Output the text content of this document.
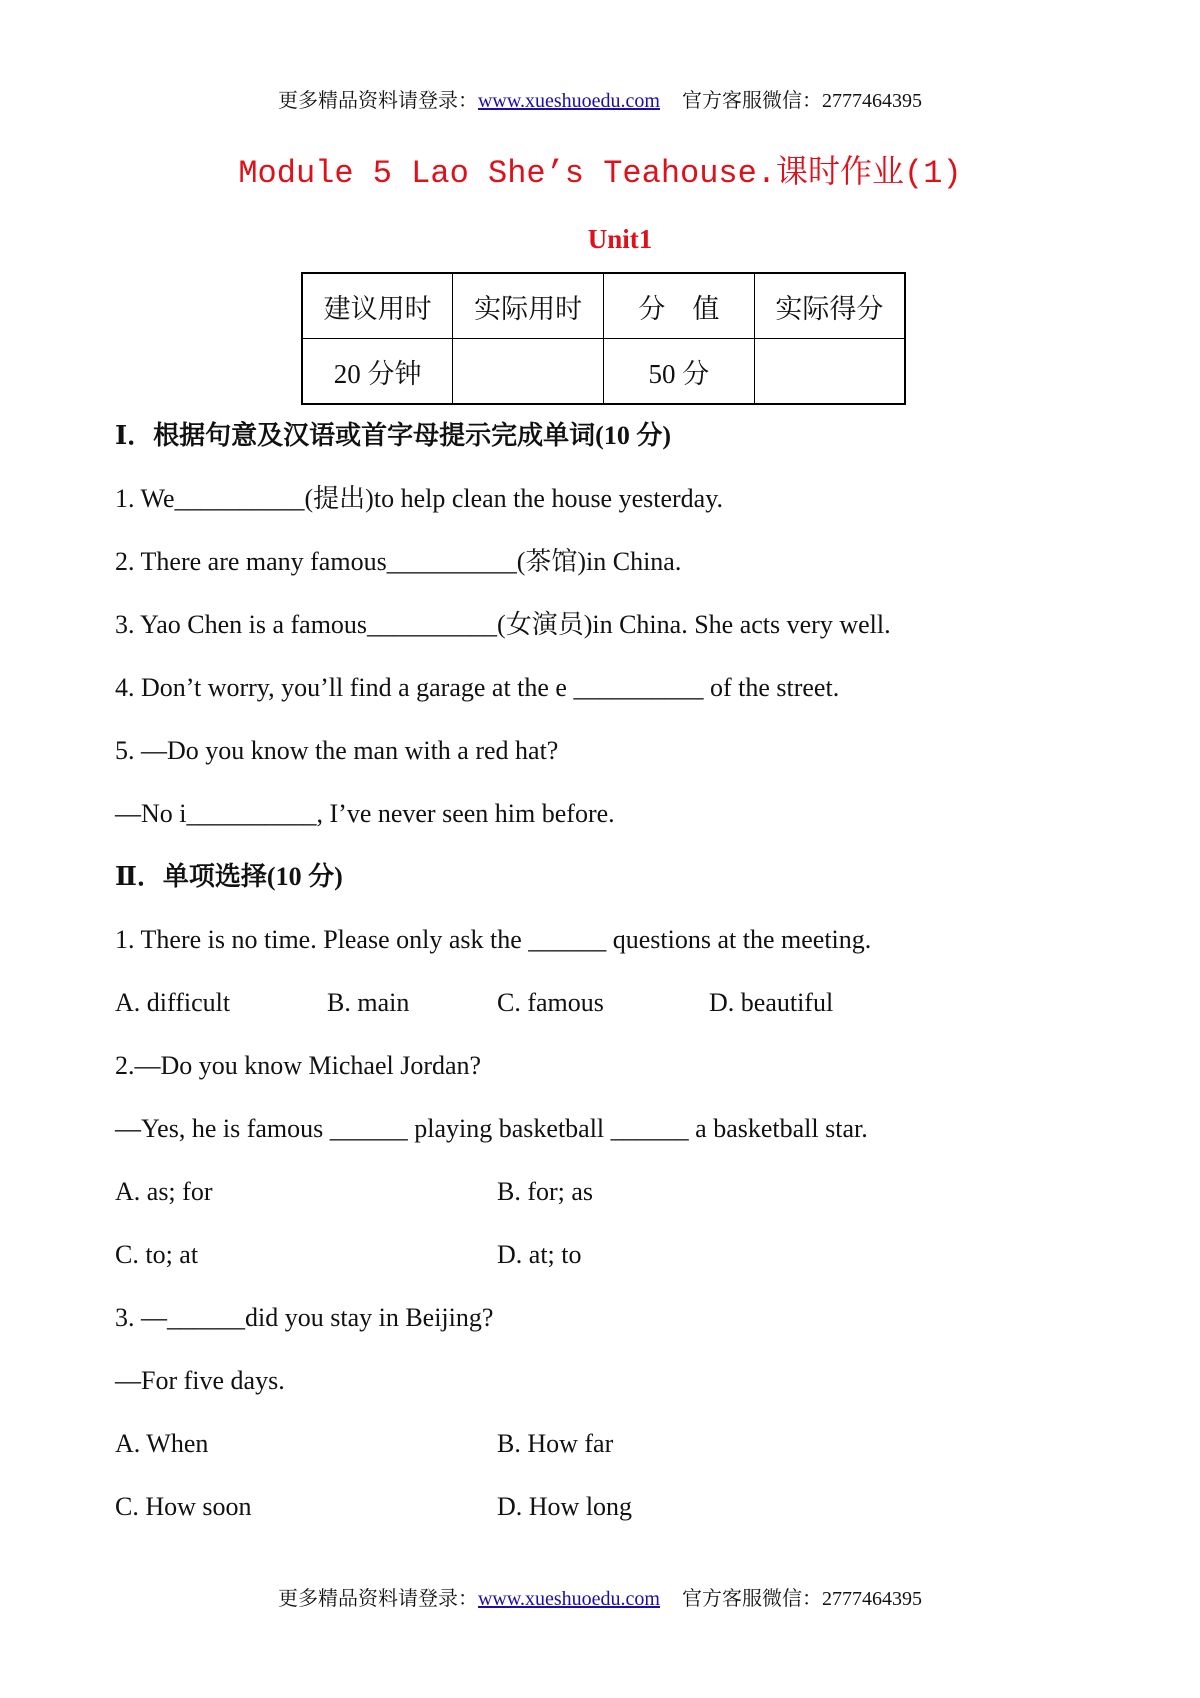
更多精品资料请登录：www.xueshuoedu.com 官方客服微信：2777464395
Module 5 Lao She’s Teahouse.课时作业(1)
Unit1
建议用时	实际用时	分　值	实际得分
20 分钟		50 分	
Ⅰ．根据句意及汉语或首字母提示完成单词(10 分)
1. We__________(提出)to help clean the house yesterday.
2. There are many famous__________(茶馆)in China.
3. Yao Chen is a famous__________(女演员)in China. She acts very well.
4. Don’t worry, you’ll find a garage at the e __________ of the street.
5. —Do you know the man with a red hat?
—No i__________, I’ve never seen him before.
Ⅱ．单项选择(10 分)
1. There is no time. Please only ask the ______ questions at the meeting.
A. difficult	B. main	C. famous	D. beautiful
2.—Do you know Michael Jordan?
—Yes, he is famous ______ playing basketball ______ a basketball star.
A. as; for	B. for; as
C. to; at	D. at; to
3. —______did you stay in Beijing?
—For five days.
A. When	B. How far
C. How soon	D. How long
更多精品资料请登录：www.xueshuoedu.com 官方客服微信：2777464395
